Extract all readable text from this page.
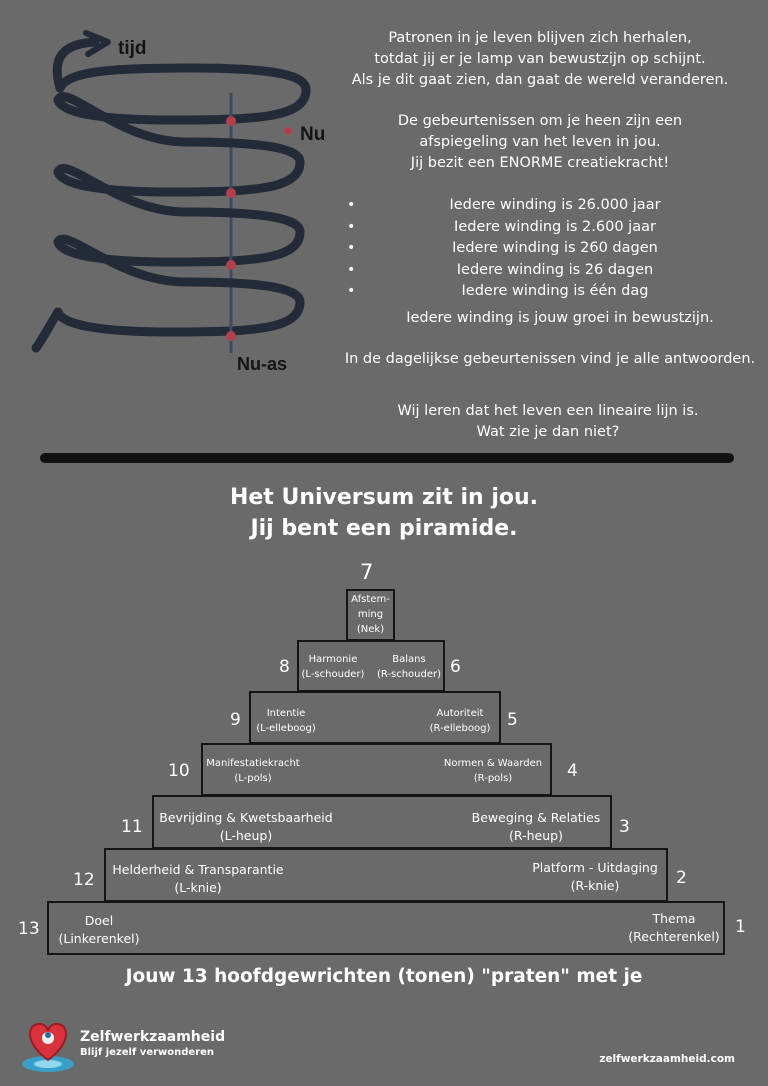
tijd
Nu
Nu-as
Patronen in je leven blijven zich herhalen,
totdat jij er je lamp van bewustzijn op schijnt.
Als je dit gaat zien, dan gaat de wereld veranderen.
De gebeurtenissen om je heen zijn een
afspiegeling van het leven in jou.
Jij bezit een ENORME creatiekracht!
• Iedere winding is 26.000 jaar
• Iedere winding is 2.600 jaar
• Iedere winding is 260 dagen
• Iedere winding is 26 dagen
• Iedere winding is één dag
Iedere winding is jouw groei in bewustzijn.
In de dagelijkse gebeurtenissen vind je alle antwoorden.
Wij leren dat het leven een lineaire lijn is.
Wat zie je dan niet?
Het Universum zit in jou.
Jij bent een piramide.
7
Afstem-
ming
(Nek)
8	6
Harmonie
(L-schouder)
Balans
(R-schouder)
9	5
Intentie
(L-elleboog)
Autoriteit
(R-elleboog)
10	4
Manifestatiekracht
(L-pols)
Normen & Waarden
(R-pols)
11	3
Bevrijding & Kwetsbaarheid
(L-heup)
Beweging & Relaties
(R-heup)
12	2
Helderheid & Transparantie
(L-knie)
Platform - Uitdaging
(R-knie)
13	1
Doel
(Linkerenkel)
Thema
(Rechterenkel)
Jouw 13 hoofdgewrichten (tonen) "praten" met je
Zelfwerkzaamheid
Blijf jezelf verwonderen
zelfwerkzaamheid.com
